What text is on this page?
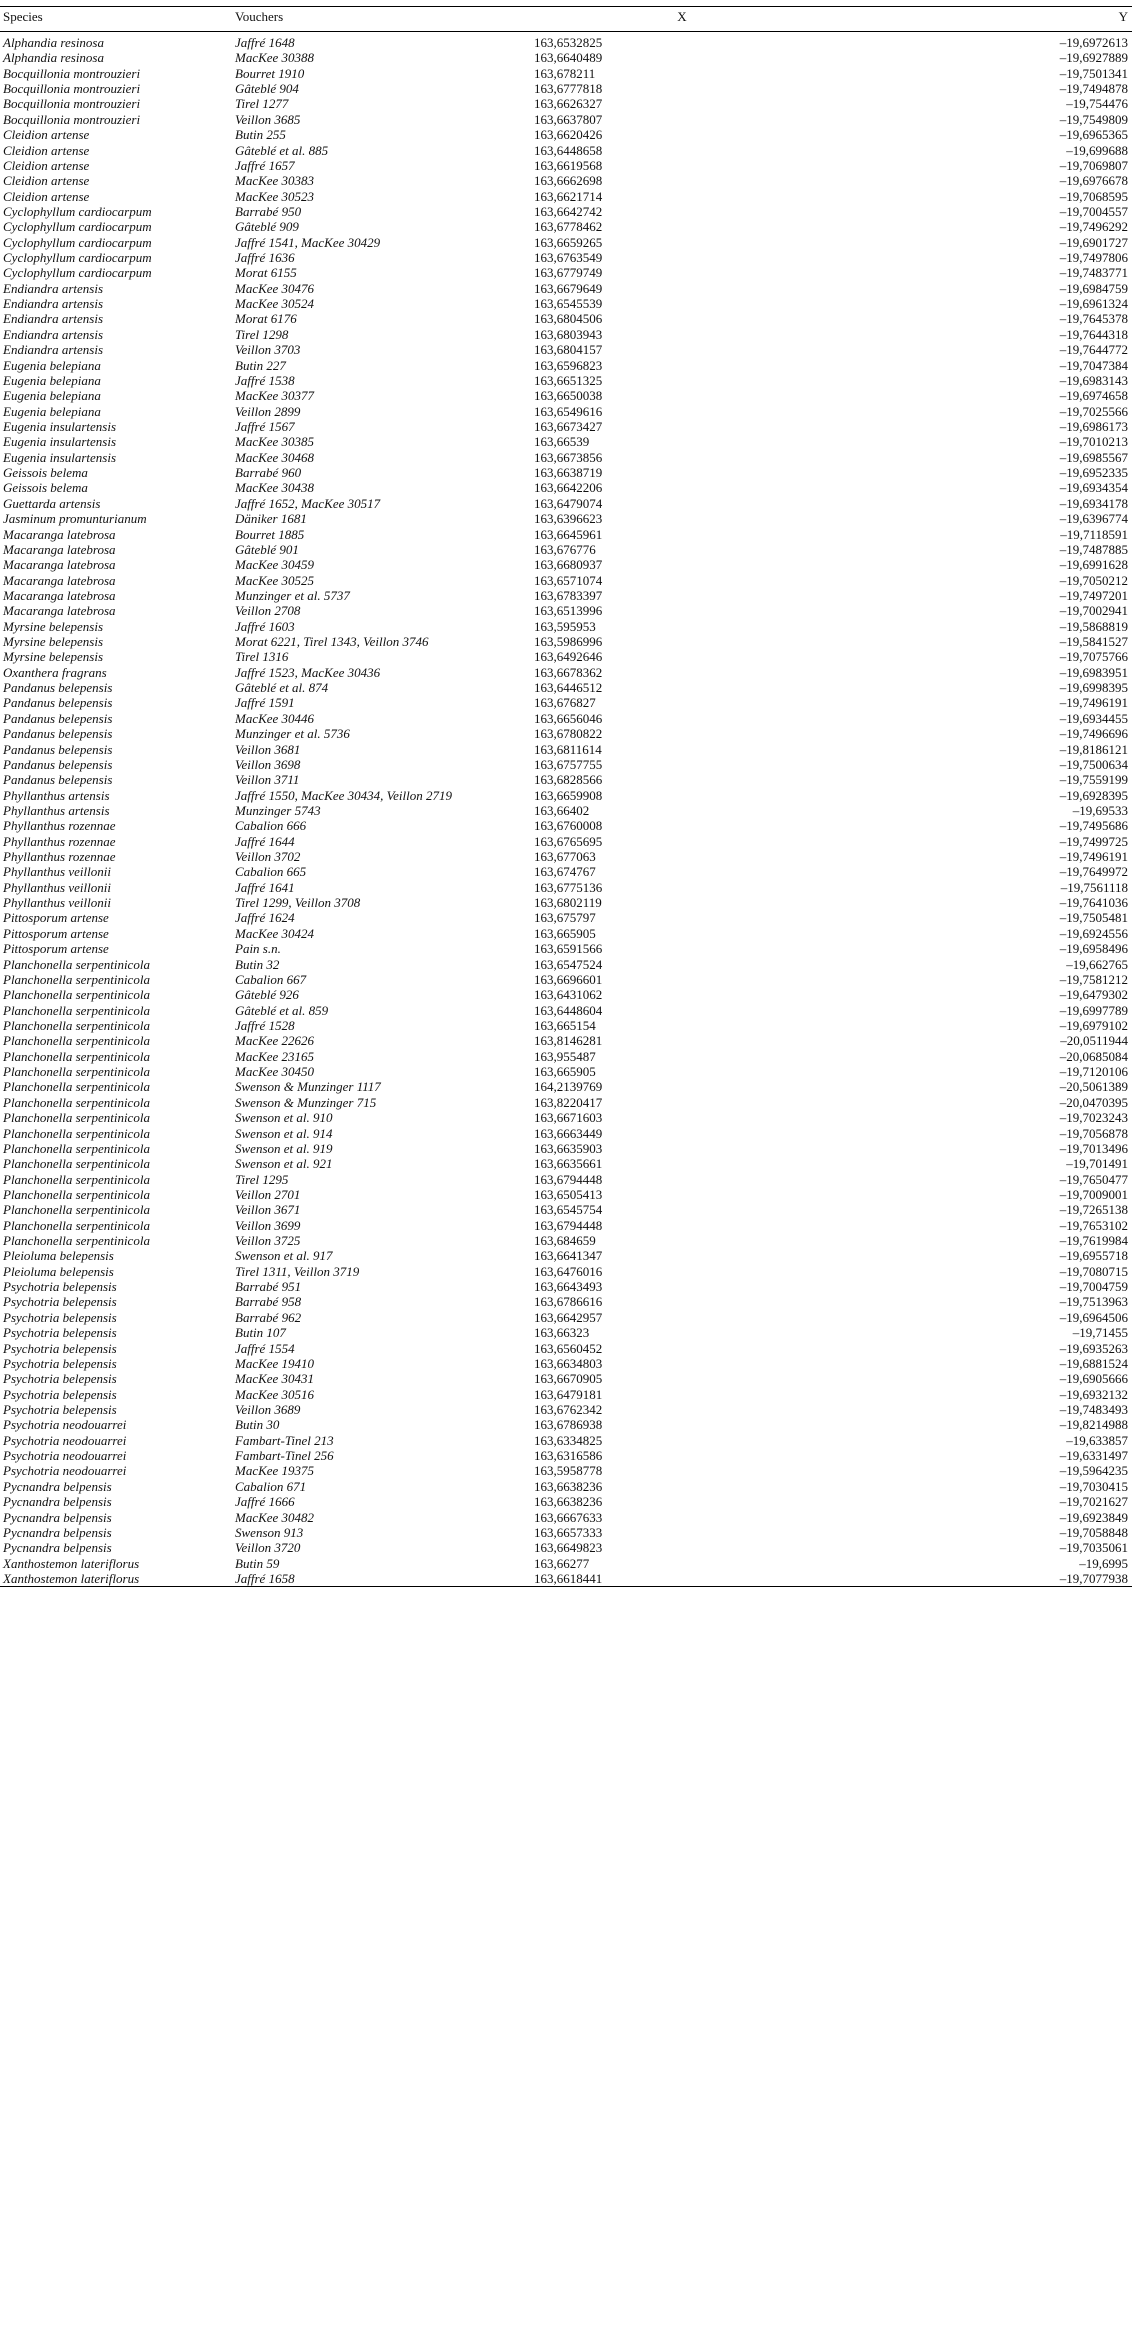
Species	Vouchers	X	Y
Alphandia resinosa	Jaffré 1648	163,6532825	–19,6972613
Alphandia resinosa	MacKee 30388	163,6640489	–19,6927889
Bocquillonia montrouzieri	Bourret 1910	163,678211	–19,7501341
Bocquillonia montrouzieri	Gâteblé 904	163,6777818	–19,7494878
Bocquillonia montrouzieri	Tirel 1277	163,6626327	–19,754476
Bocquillonia montrouzieri	Veillon 3685	163,6637807	–19,7549809
Cleidion artense	Butin 255	163,6620426	–19,6965365
Cleidion artense	Gâteblé et al. 885	163,6448658	–19,699688
Cleidion artense	Jaffré 1657	163,6619568	–19,7069807
Cleidion artense	MacKee 30383	163,6662698	–19,6976678
Cleidion artense	MacKee 30523	163,6621714	–19,7068595
Cyclophyllum cardiocarpum	Barrabé 950	163,6642742	–19,7004557
Cyclophyllum cardiocarpum	Gâteblé 909	163,6778462	–19,7496292
Cyclophyllum cardiocarpum	Jaffré 1541, MacKee 30429	163,6659265	–19,6901727
Cyclophyllum cardiocarpum	Jaffré 1636	163,6763549	–19,7497806
Cyclophyllum cardiocarpum	Morat 6155	163,6779749	–19,7483771
Endiandra artensis	MacKee 30476	163,6679649	–19,6984759
Endiandra artensis	MacKee 30524	163,6545539	–19,6961324
Endiandra artensis	Morat 6176	163,6804506	–19,7645378
Endiandra artensis	Tirel 1298	163,6803943	–19,7644318
Endiandra artensis	Veillon 3703	163,6804157	–19,7644772
Eugenia belepiana	Butin 227	163,6596823	–19,7047384
Eugenia belepiana	Jaffré 1538	163,6651325	–19,6983143
Eugenia belepiana	MacKee 30377	163,6650038	–19,6974658
Eugenia belepiana	Veillon 2899	163,6549616	–19,7025566
Eugenia insulartensis	Jaffré 1567	163,6673427	–19,6986173
Eugenia insulartensis	MacKee 30385	163,66539	–19,7010213
Eugenia insulartensis	MacKee 30468	163,6673856	–19,6985567
Geissois belema	Barrabé 960	163,6638719	–19,6952335
Geissois belema	MacKee 30438	163,6642206	–19,6934354
Guettarda artensis	Jaffré 1652, MacKee 30517	163,6479074	–19,6934178
Jasminum promunturianum	Däniker 1681	163,6396623	–19,6396774
Macaranga latebrosa	Bourret 1885	163,6645961	–19,7118591
Macaranga latebrosa	Gâteblé 901	163,676776	–19,7487885
Macaranga latebrosa	MacKee 30459	163,6680937	–19,6991628
Macaranga latebrosa	MacKee 30525	163,6571074	–19,7050212
Macaranga latebrosa	Munzinger et al. 5737	163,6783397	–19,7497201
Macaranga latebrosa	Veillon 2708	163,6513996	–19,7002941
Myrsine belepensis	Jaffré 1603	163,595953	–19,5868819
Myrsine belepensis	Morat 6221, Tirel 1343, Veillon 3746	163,5986996	–19,5841527
Myrsine belepensis	Tirel 1316	163,6492646	–19,7075766
Oxanthera fragrans	Jaffré 1523, MacKee 30436	163,6678362	–19,6983951
Pandanus belepensis	Gâteblé et al. 874	163,6446512	–19,6998395
Pandanus belepensis	Jaffré 1591	163,676827	–19,7496191
Pandanus belepensis	MacKee 30446	163,6656046	–19,6934455
Pandanus belepensis	Munzinger et al. 5736	163,6780822	–19,7496696
Pandanus belepensis	Veillon 3681	163,6811614	–19,8186121
Pandanus belepensis	Veillon 3698	163,6757755	–19,7500634
Pandanus belepensis	Veillon 3711	163,6828566	–19,7559199
Phyllanthus artensis	Jaffré 1550, MacKee 30434, Veillon 2719	163,6659908	–19,6928395
Phyllanthus artensis	Munzinger 5743	163,66402	–19,69533
Phyllanthus rozennae	Cabalion 666	163,6760008	–19,7495686
Phyllanthus rozennae	Jaffré 1644	163,6765695	–19,7499725
Phyllanthus rozennae	Veillon 3702	163,677063	–19,7496191
Phyllanthus veillonii	Cabalion 665	163,674767	–19,7649972
Phyllanthus veillonii	Jaffré 1641	163,6775136	–19,7561118
Phyllanthus veillonii	Tirel 1299, Veillon 3708	163,6802119	–19,7641036
Pittosporum artense	Jaffré 1624	163,675797	–19,7505481
Pittosporum artense	MacKee 30424	163,665905	–19,6924556
Pittosporum artense	Pain s.n.	163,6591566	–19,6958496
Planchonella serpentinicola	Butin 32	163,6547524	–19,662765
Planchonella serpentinicola	Cabalion 667	163,6696601	–19,7581212
Planchonella serpentinicola	Gâteblé 926	163,6431062	–19,6479302
Planchonella serpentinicola	Gâteblé et al. 859	163,6448604	–19,6997789
Planchonella serpentinicola	Jaffré 1528	163,665154	–19,6979102
Planchonella serpentinicola	MacKee 22626	163,8146281	–20,0511944
Planchonella serpentinicola	MacKee 23165	163,955487	–20,0685084
Planchonella serpentinicola	MacKee 30450	163,665905	–19,7120106
Planchonella serpentinicola	Swenson & Munzinger 1117	164,2139769	–20,5061389
Planchonella serpentinicola	Swenson & Munzinger 715	163,8220417	–20,0470395
Planchonella serpentinicola	Swenson et al. 910	163,6671603	–19,7023243
Planchonella serpentinicola	Swenson et al. 914	163,6663449	–19,7056878
Planchonella serpentinicola	Swenson et al. 919	163,6635903	–19,7013496
Planchonella serpentinicola	Swenson et al. 921	163,6635661	–19,701491
Planchonella serpentinicola	Tirel 1295	163,6794448	–19,7650477
Planchonella serpentinicola	Veillon 2701	163,6505413	–19,7009001
Planchonella serpentinicola	Veillon 3671	163,6545754	–19,7265138
Planchonella serpentinicola	Veillon 3699	163,6794448	–19,7653102
Planchonella serpentinicola	Veillon 3725	163,684659	–19,7619984
Pleioluma belepensis	Swenson et al. 917	163,6641347	–19,6955718
Pleioluma belepensis	Tirel 1311, Veillon 3719	163,6476016	–19,7080715
Psychotria belepensis	Barrabé 951	163,6643493	–19,7004759
Psychotria belepensis	Barrabé 958	163,6786616	–19,7513963
Psychotria belepensis	Barrabé 962	163,6642957	–19,6964506
Psychotria belepensis	Butin 107	163,66323	–19,71455
Psychotria belepensis	Jaffré 1554	163,6560452	–19,6935263
Psychotria belepensis	MacKee 19410	163,6634803	–19,6881524
Psychotria belepensis	MacKee 30431	163,6670905	–19,6905666
Psychotria belepensis	MacKee 30516	163,6479181	–19,6932132
Psychotria belepensis	Veillon 3689	163,6762342	–19,7483493
Psychotria neodouarrei	Butin 30	163,6786938	–19,8214988
Psychotria neodouarrei	Fambart-Tinel 213	163,6334825	–19,633857
Psychotria neodouarrei	Fambart-Tinel 256	163,6316586	–19,6331497
Psychotria neodouarrei	MacKee 19375	163,5958778	–19,5964235
Pycnandra belpensis	Cabalion 671	163,6638236	–19,7030415
Pycnandra belpensis	Jaffré 1666	163,6638236	–19,7021627
Pycnandra belpensis	MacKee 30482	163,6667633	–19,6923849
Pycnandra belpensis	Swenson 913	163,6657333	–19,7058848
Pycnandra belpensis	Veillon 3720	163,6649823	–19,7035061
Xanthostemon lateriflorus	Butin 59	163,66277	–19,6995
Xanthostemon lateriflorus	Jaffré 1658	163,6618441	–19,7077938
